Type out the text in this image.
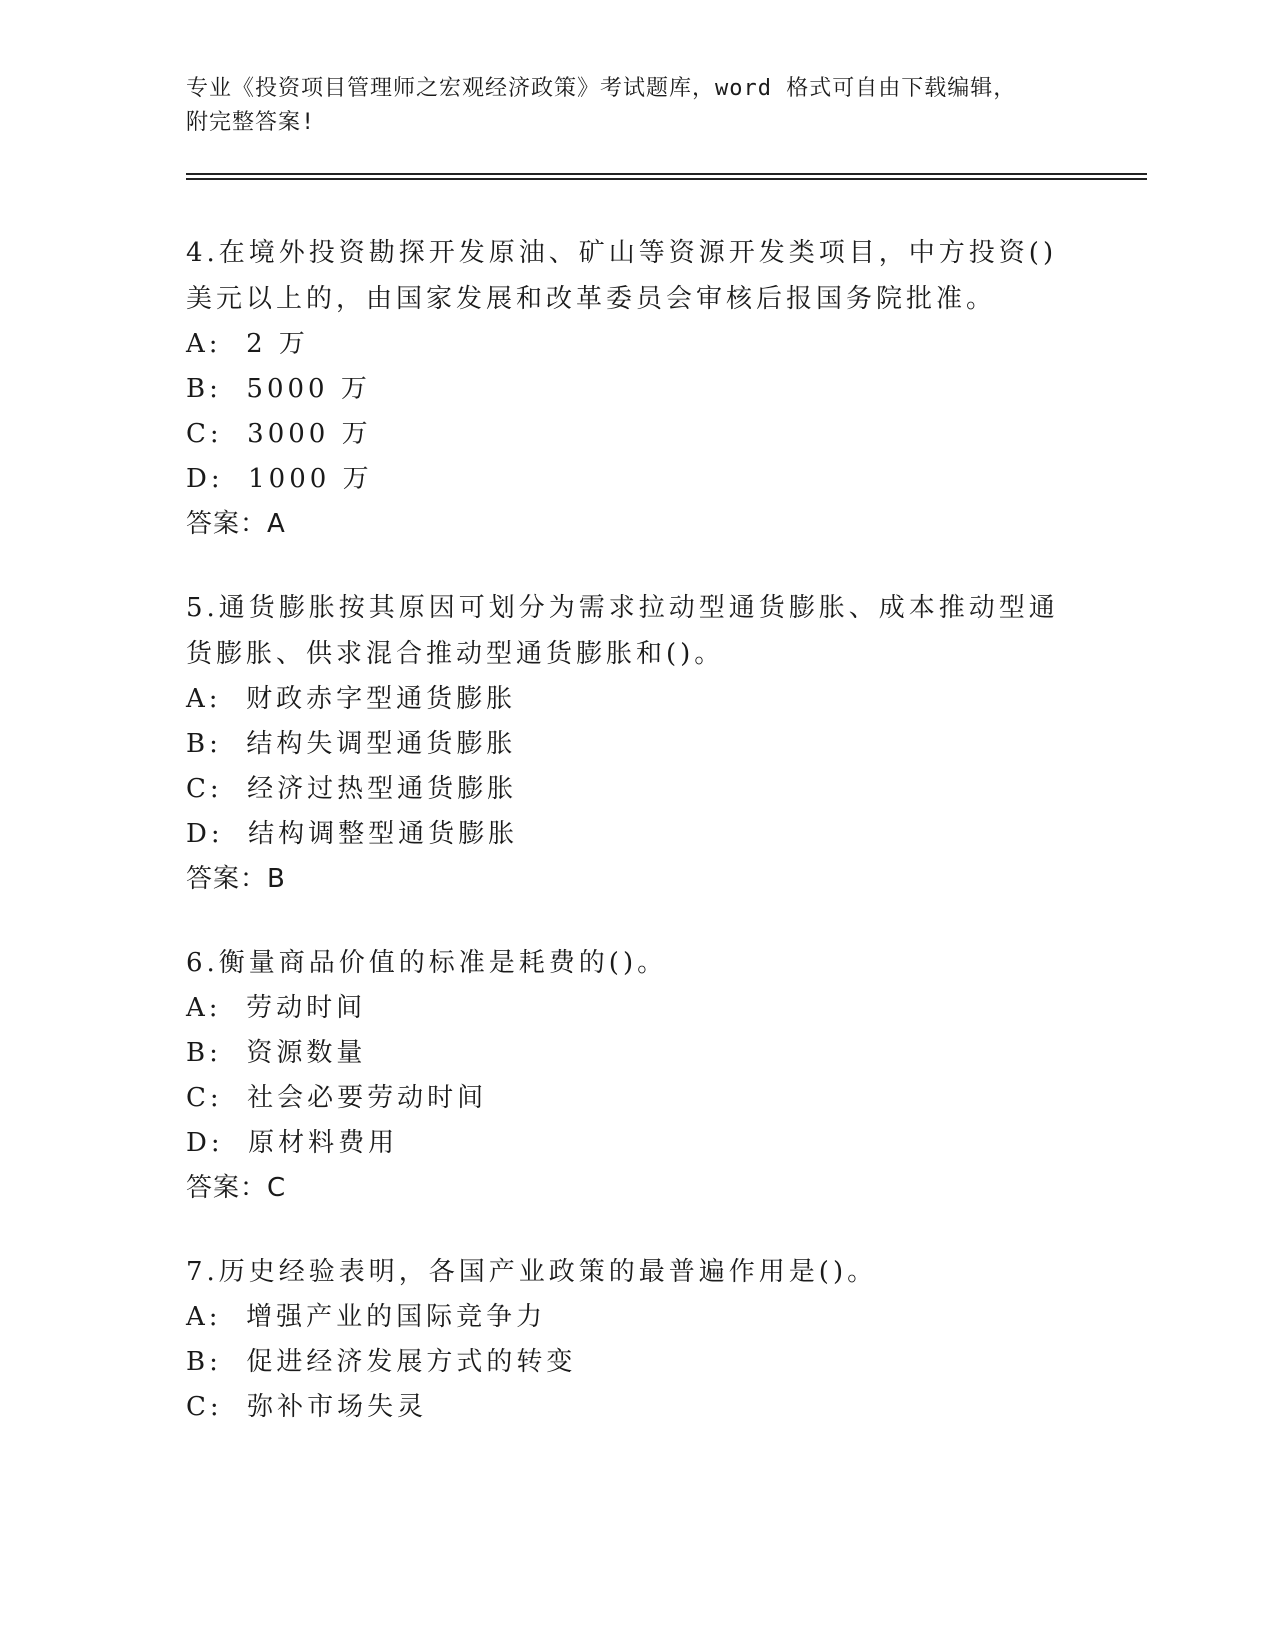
专业《投资项目管理师之宏观经济政策》考试题库，word 格式可自由下载编辑，

附完整答案!

4.在境外投资勘探开发原油、矿山等资源开发类项目，中方投资()美元以上的，由国家发展和改革委员会审核后报国务院批准。

A:  2 万

B:  5000 万

C:  3000 万

D:  1000 万

答案：A

5.通货膨胀按其原因可划分为需求拉动型通货膨胀、成本推动型通货膨胀、供求混合推动型通货膨胀和()。

A:  财政赤字型通货膨胀

B:  结构失调型通货膨胀

C:  经济过热型通货膨胀

D:  结构调整型通货膨胀

答案：B

6.衡量商品价值的标准是耗费的()。

A:  劳动时间

B:  资源数量

C:  社会必要劳动时间

D:  原材料费用

答案：C

7.历史经验表明，各国产业政策的最普遍作用是()。

A:  增强产业的国际竞争力

B:  促进经济发展方式的转变

C:  弥补市场失灵
